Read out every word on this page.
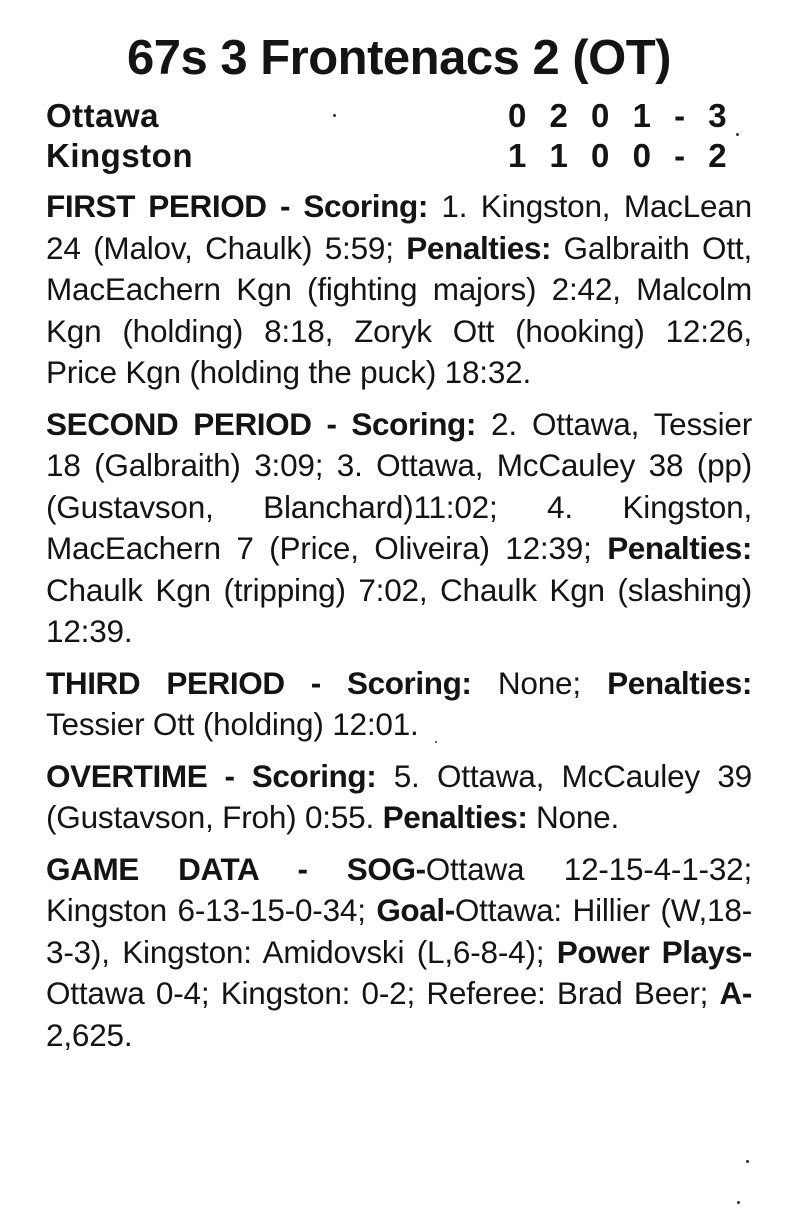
67s 3 Frontenacs 2 (OT)
Ottawa	0 2 0 1 - 3
Kingston	1 1 0 0 - 2

FIRST PERIOD - Scoring: 1. Kingston, MacLean 24 (Malov, Chaulk) 5:59; Penalties: Galbraith Ott, MacEachern Kgn (fighting majors) 2:42, Malcolm Kgn (holding) 8:18, Zoryk Ott (hooking) 12:26, Price Kgn (holding the puck) 18:32.

SECOND PERIOD - Scoring: 2. Ottawa, Tessier 18 (Galbraith) 3:09; 3. Ottawa, McCauley 38 (pp) (Gustavson, Blanchard)11:02; 4. Kingston, MacEachern 7 (Price, Oliveira) 12:39; Penalties: Chaulk Kgn (tripping) 7:02, Chaulk Kgn (slashing) 12:39.

THIRD PERIOD - Scoring: None; Penalties: Tessier Ott (holding) 12:01.

OVERTIME - Scoring: 5. Ottawa, McCauley 39 (Gustavson, Froh) 0:55. Penalties: None.

GAME DATA - SOG-Ottawa 12-15-4-1-32; Kingston 6-13-15-0-34; Goal-Ottawa: Hillier (W,18-3-3), Kingston: Amidovski (L,6-8-4); Power Plays-Ottawa 0-4; Kingston: 0-2; Referee: Brad Beer; A-2,625.
